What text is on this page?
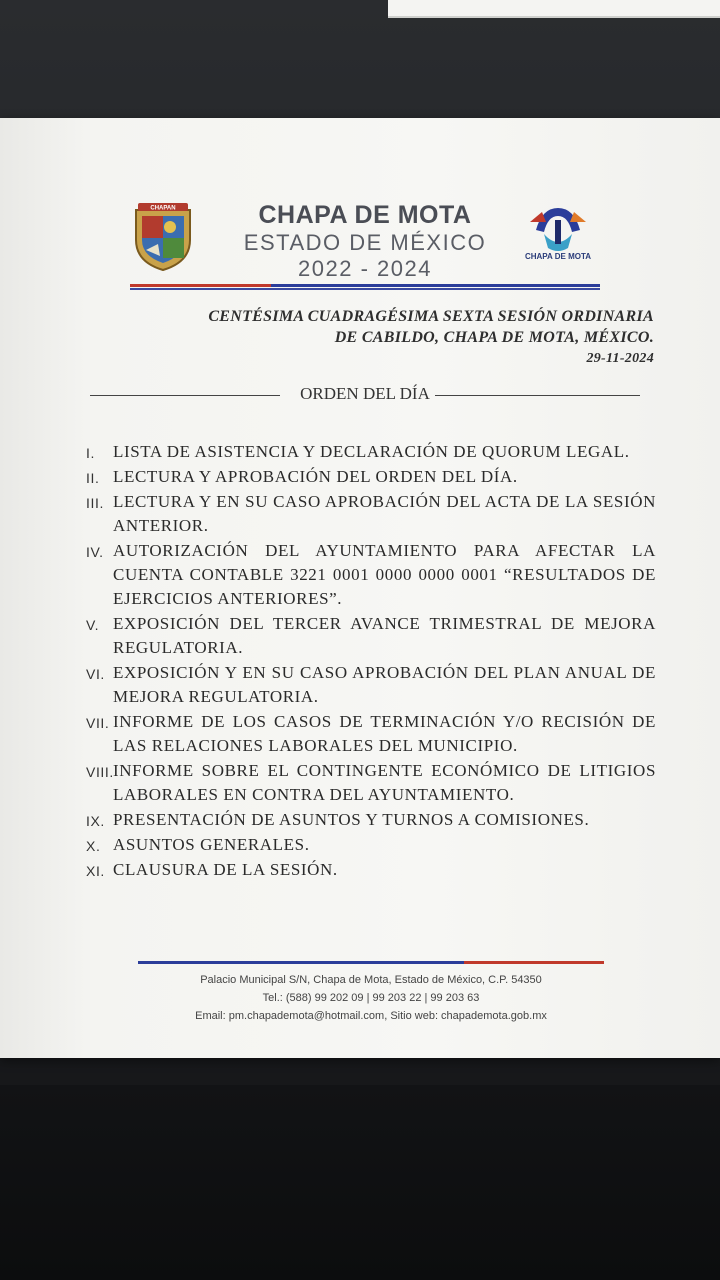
CHAPAN	CHAPA DE MOTA
ESTADO DE MÉXICO
2022 - 2024	CHAPA DE MOTA
CENTÉSIMA CUADRAGÉSIMA SEXTA SESIÓN ORDINARIA
DE CABILDO, CHAPA DE MOTA, MÉXICO.
29-11-2024
ORDEN DEL DÍA
I. LISTA DE ASISTENCIA Y DECLARACIÓN DE QUORUM LEGAL.
II. LECTURA Y APROBACIÓN DEL ORDEN DEL DÍA.
III. LECTURA Y EN SU CASO APROBACIÓN DEL ACTA DE LA SESIÓN ANTERIOR.
IV. AUTORIZACIÓN DEL AYUNTAMIENTO PARA AFECTAR LA CUENTA CONTABLE 3221 0001 0000 0000 0001 “RESULTADOS DE EJERCICIOS ANTERIORES”.
V. EXPOSICIÓN DEL TERCER AVANCE TRIMESTRAL DE MEJORA REGULATORIA.
VI. EXPOSICIÓN Y EN SU CASO APROBACIÓN DEL PLAN ANUAL DE MEJORA REGULATORIA.
VII. INFORME DE LOS CASOS DE TERMINACIÓN Y/O RECISIÓN DE LAS RELACIONES LABORALES DEL MUNICIPIO.
VIII. INFORME SOBRE EL CONTINGENTE ECONÓMICO DE LITIGIOS LABORALES EN CONTRA DEL AYUNTAMIENTO.
IX. PRESENTACIÓN DE ASUNTOS Y TURNOS A COMISIONES.
X. ASUNTOS GENERALES.
XI. CLAUSURA DE LA SESIÓN.
Palacio Municipal S/N, Chapa de Mota, Estado de México, C.P. 54350
Tel.: (588) 99 202 09 | 99 203 22 | 99 203 63
Email: pm.chapademota@hotmail.com, Sitio web: chapademota.gob.mx
